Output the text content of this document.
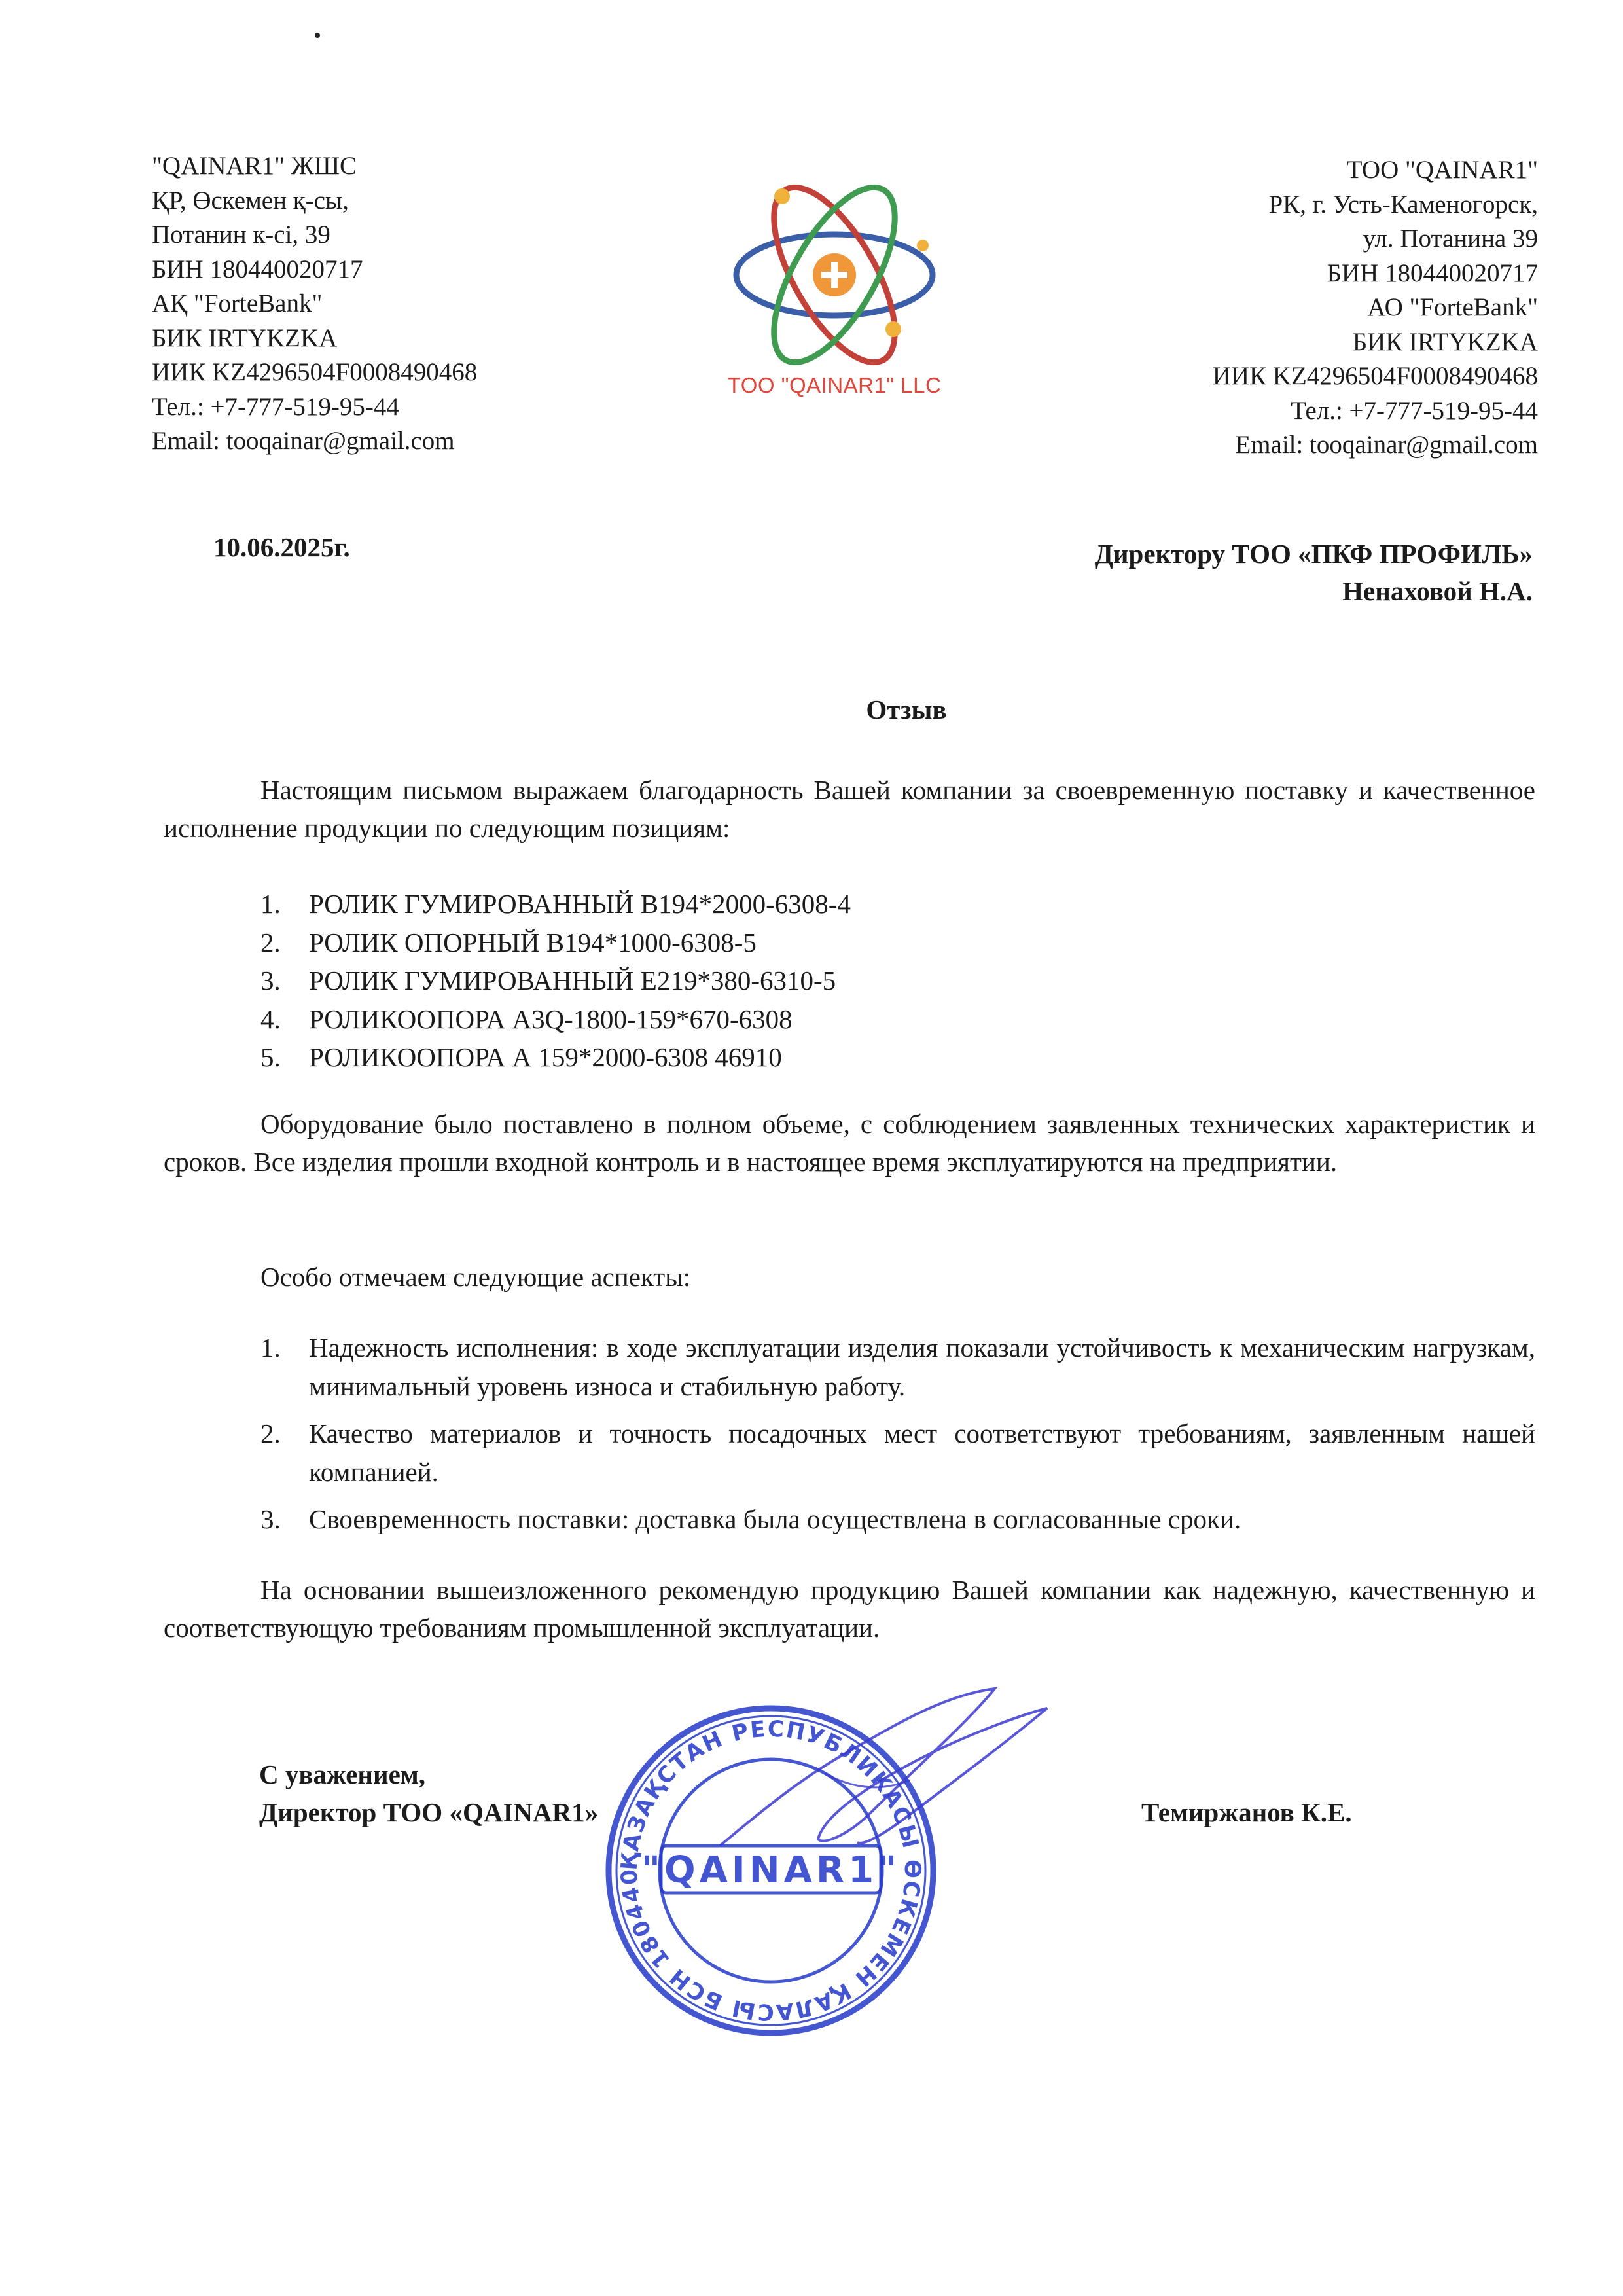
"QAINAR1" ЖШС
ҚР, Өскемен қ-сы,
Потанин к-сі, 39
БИН 180440020717
АҚ "ForteBank"
БИК IRTYKZKA
ИИК KZ4296504F0008490468
Тел.: +7-777-519-95-44
Email: tooqainar@gmail.com
TOO "QAINAR1" LLC
ТОО "QAINAR1"
РК, г. Усть-Каменогорск,
ул. Потанина 39
БИН 180440020717
АО "ForteBank"
БИК IRTYKZKA
ИИК KZ4296504F0008490468
Тел.: +7-777-519-95-44
Email: tooqainar@gmail.com
10.06.2025г.	Директору ТОО «ПКФ ПРОФИЛЬ»
Ненаховой Н.А.
Отзыв
Настоящим письмом выражаем благодарность Вашей компании за своевременную поставку и качественное исполнение продукции по следующим позициям:
1.	РОЛИК ГУМИРОВАННЫЙ В194*2000-6308-4
2.	РОЛИК ОПОРНЫЙ В194*1000-6308-5
3.	РОЛИК ГУМИРОВАННЫЙ Е219*380-6310-5
4.	РОЛИКООПОРА А3Q-1800-159*670-6308
5.	РОЛИКООПОРА А 159*2000-6308 46910
Оборудование было поставлено в полном объеме, с соблюдением заявленных технических характеристик и сроков. Все изделия прошли входной контроль и в настоящее время эксплуатируются на предприятии.
Особо отмечаем следующие аспекты:
1.	Надежность исполнения: в ходе эксплуатации изделия показали устойчивость к механическим нагрузкам, минимальный уровень износа и стабильную работу.
2.	Качество материалов и точность посадочных мест соответствуют требованиям, заявленным нашей компанией.
3.	Своевременность поставки: доставка была осуществлена в согласованные сроки.
На основании вышеизложенного рекомендую продукцию Вашей компании как надежную, качественную и соответствующую требованиям промышленной эксплуатации.
С уважением,
Директор ТОО «QAINAR1»	Темиржанов К.Е.
ҚАЗАҚСТАН РЕСПУБЛИКАСЫ ӨСКЕМЕН ҚАЛАСЫ БСН 180440
"QAINAR1"
